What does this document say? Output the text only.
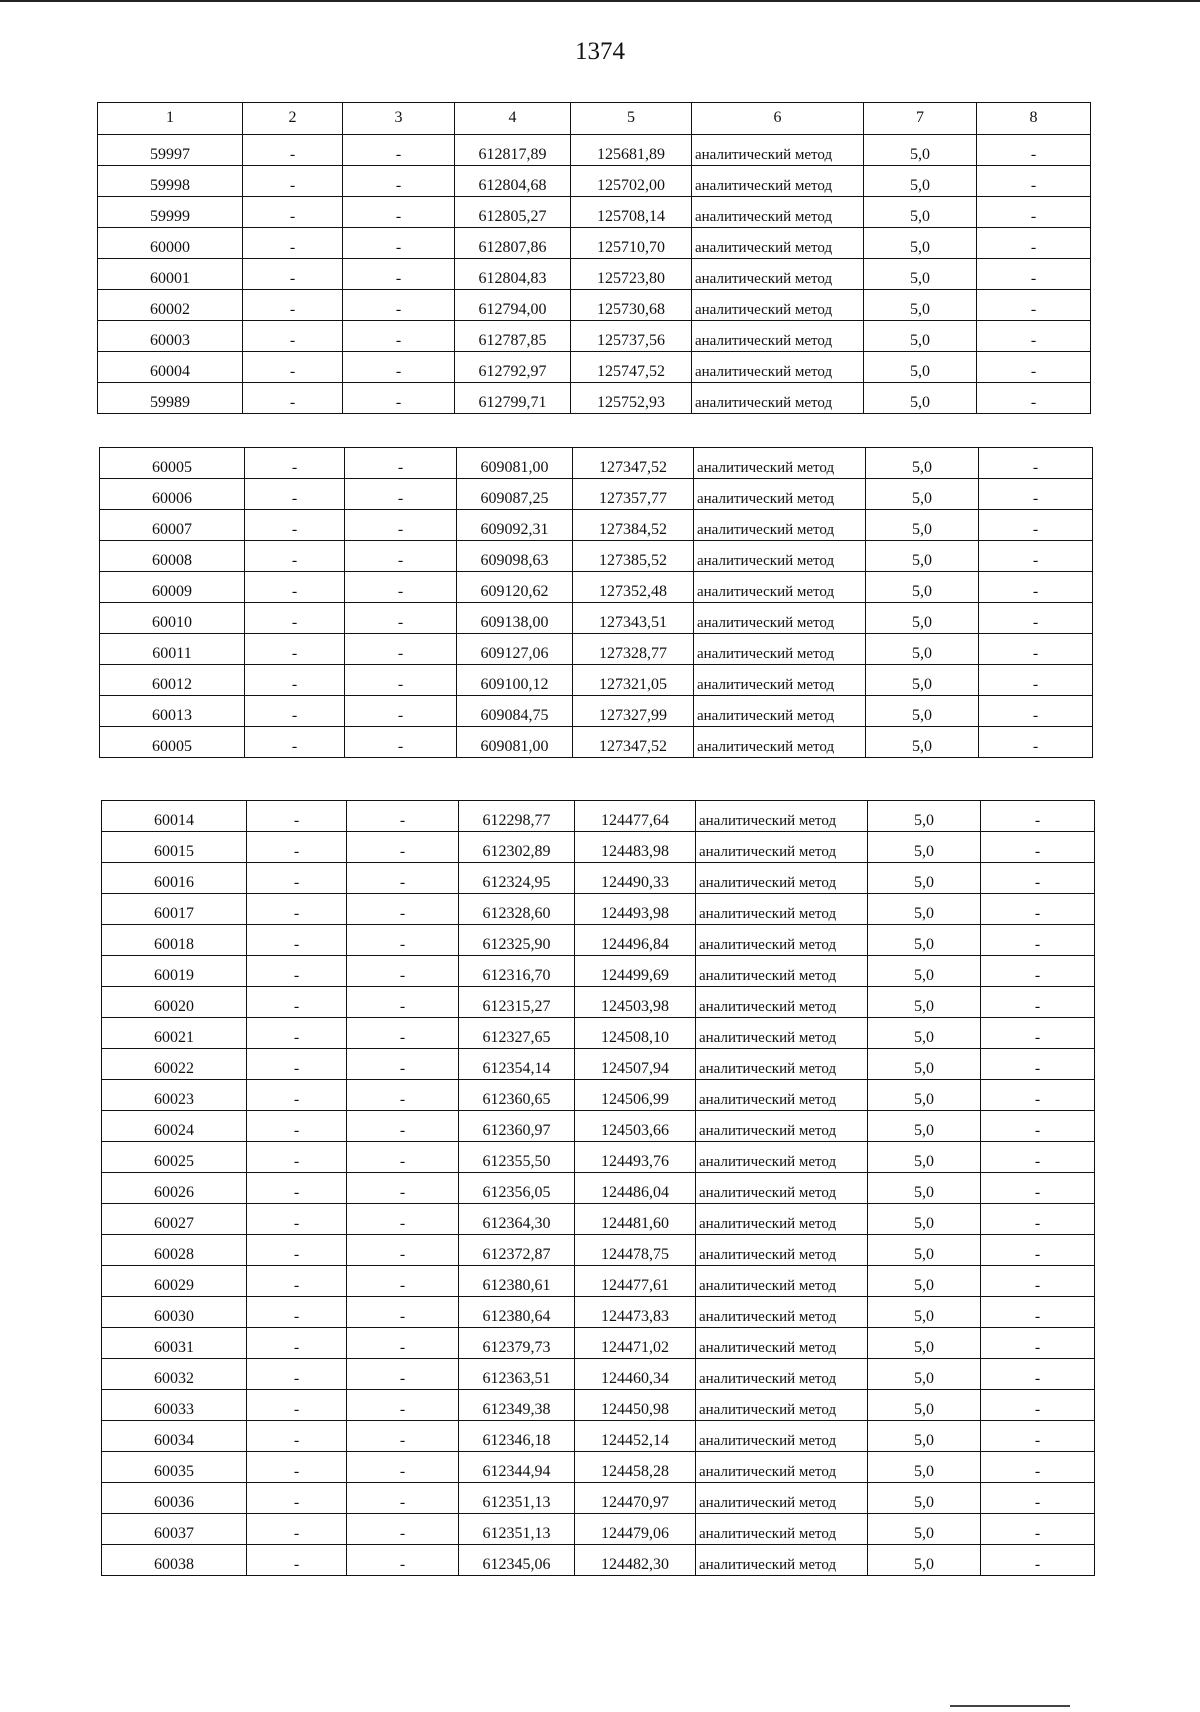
1374
1	2	3	4	5	6	7	8
59997	-	-	612817,89	125681,89	аналитический метод	5,0	-
59998	-	-	612804,68	125702,00	аналитический метод	5,0	-
59999	-	-	612805,27	125708,14	аналитический метод	5,0	-
60000	-	-	612807,86	125710,70	аналитический метод	5,0	-
60001	-	-	612804,83	125723,80	аналитический метод	5,0	-
60002	-	-	612794,00	125730,68	аналитический метод	5,0	-
60003	-	-	612787,85	125737,56	аналитический метод	5,0	-
60004	-	-	612792,97	125747,52	аналитический метод	5,0	-
59989	-	-	612799,71	125752,93	аналитический метод	5,0	-
60005	-	-	609081,00	127347,52	аналитический метод	5,0	-
60006	-	-	609087,25	127357,77	аналитический метод	5,0	-
60007	-	-	609092,31	127384,52	аналитический метод	5,0	-
60008	-	-	609098,63	127385,52	аналитический метод	5,0	-
60009	-	-	609120,62	127352,48	аналитический метод	5,0	-
60010	-	-	609138,00	127343,51	аналитический метод	5,0	-
60011	-	-	609127,06	127328,77	аналитический метод	5,0	-
60012	-	-	609100,12	127321,05	аналитический метод	5,0	-
60013	-	-	609084,75	127327,99	аналитический метод	5,0	-
60005	-	-	609081,00	127347,52	аналитический метод	5,0	-
60014	-	-	612298,77	124477,64	аналитический метод	5,0	-
60015	-	-	612302,89	124483,98	аналитический метод	5,0	-
60016	-	-	612324,95	124490,33	аналитический метод	5,0	-
60017	-	-	612328,60	124493,98	аналитический метод	5,0	-
60018	-	-	612325,90	124496,84	аналитический метод	5,0	-
60019	-	-	612316,70	124499,69	аналитический метод	5,0	-
60020	-	-	612315,27	124503,98	аналитический метод	5,0	-
60021	-	-	612327,65	124508,10	аналитический метод	5,0	-
60022	-	-	612354,14	124507,94	аналитический метод	5,0	-
60023	-	-	612360,65	124506,99	аналитический метод	5,0	-
60024	-	-	612360,97	124503,66	аналитический метод	5,0	-
60025	-	-	612355,50	124493,76	аналитический метод	5,0	-
60026	-	-	612356,05	124486,04	аналитический метод	5,0	-
60027	-	-	612364,30	124481,60	аналитический метод	5,0	-
60028	-	-	612372,87	124478,75	аналитический метод	5,0	-
60029	-	-	612380,61	124477,61	аналитический метод	5,0	-
60030	-	-	612380,64	124473,83	аналитический метод	5,0	-
60031	-	-	612379,73	124471,02	аналитический метод	5,0	-
60032	-	-	612363,51	124460,34	аналитический метод	5,0	-
60033	-	-	612349,38	124450,98	аналитический метод	5,0	-
60034	-	-	612346,18	124452,14	аналитический метод	5,0	-
60035	-	-	612344,94	124458,28	аналитический метод	5,0	-
60036	-	-	612351,13	124470,97	аналитический метод	5,0	-
60037	-	-	612351,13	124479,06	аналитический метод	5,0	-
60038	-	-	612345,06	124482,30	аналитический метод	5,0	-
